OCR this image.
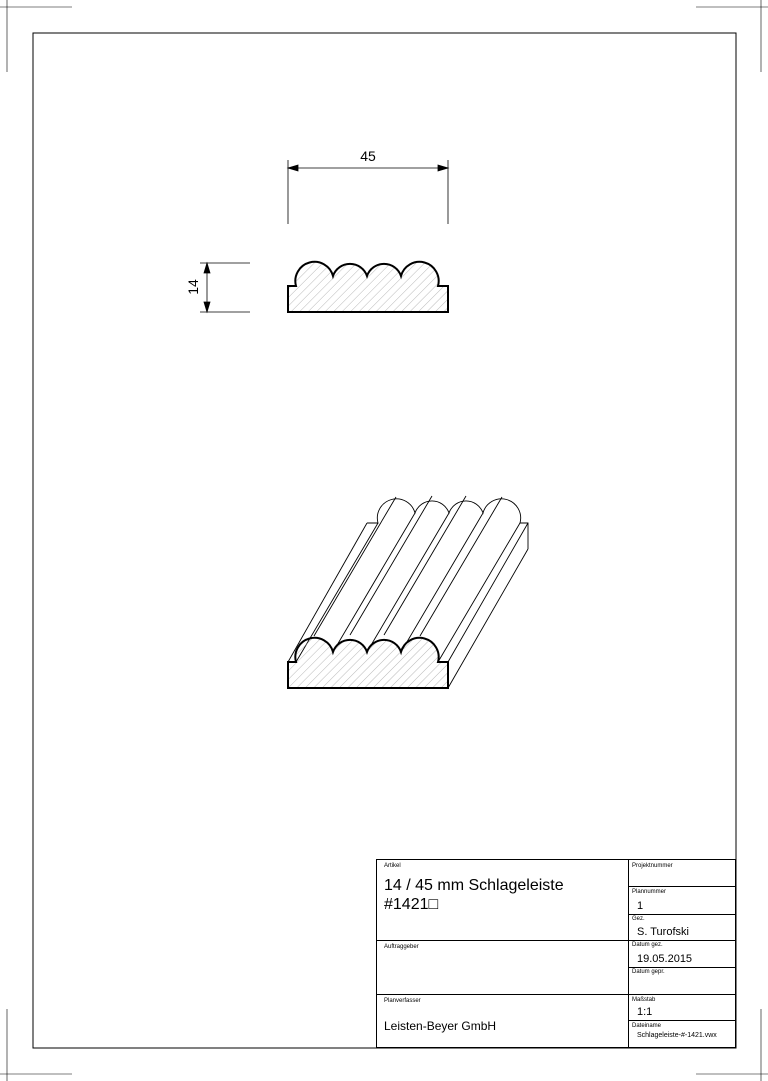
45
14
Artikel
14 / 45 mm Schlageleiste
#1421□
Auftraggeber
Planverfasser
Leisten-Beyer GmbH
Projektnummer
Plannummer
1
Gez.
S. Turofski
Datum gez.
19.05.2015
Datum gepr.
Maßstab
1:1
Dateiname
Schlageleiste-#-1421.vwx
